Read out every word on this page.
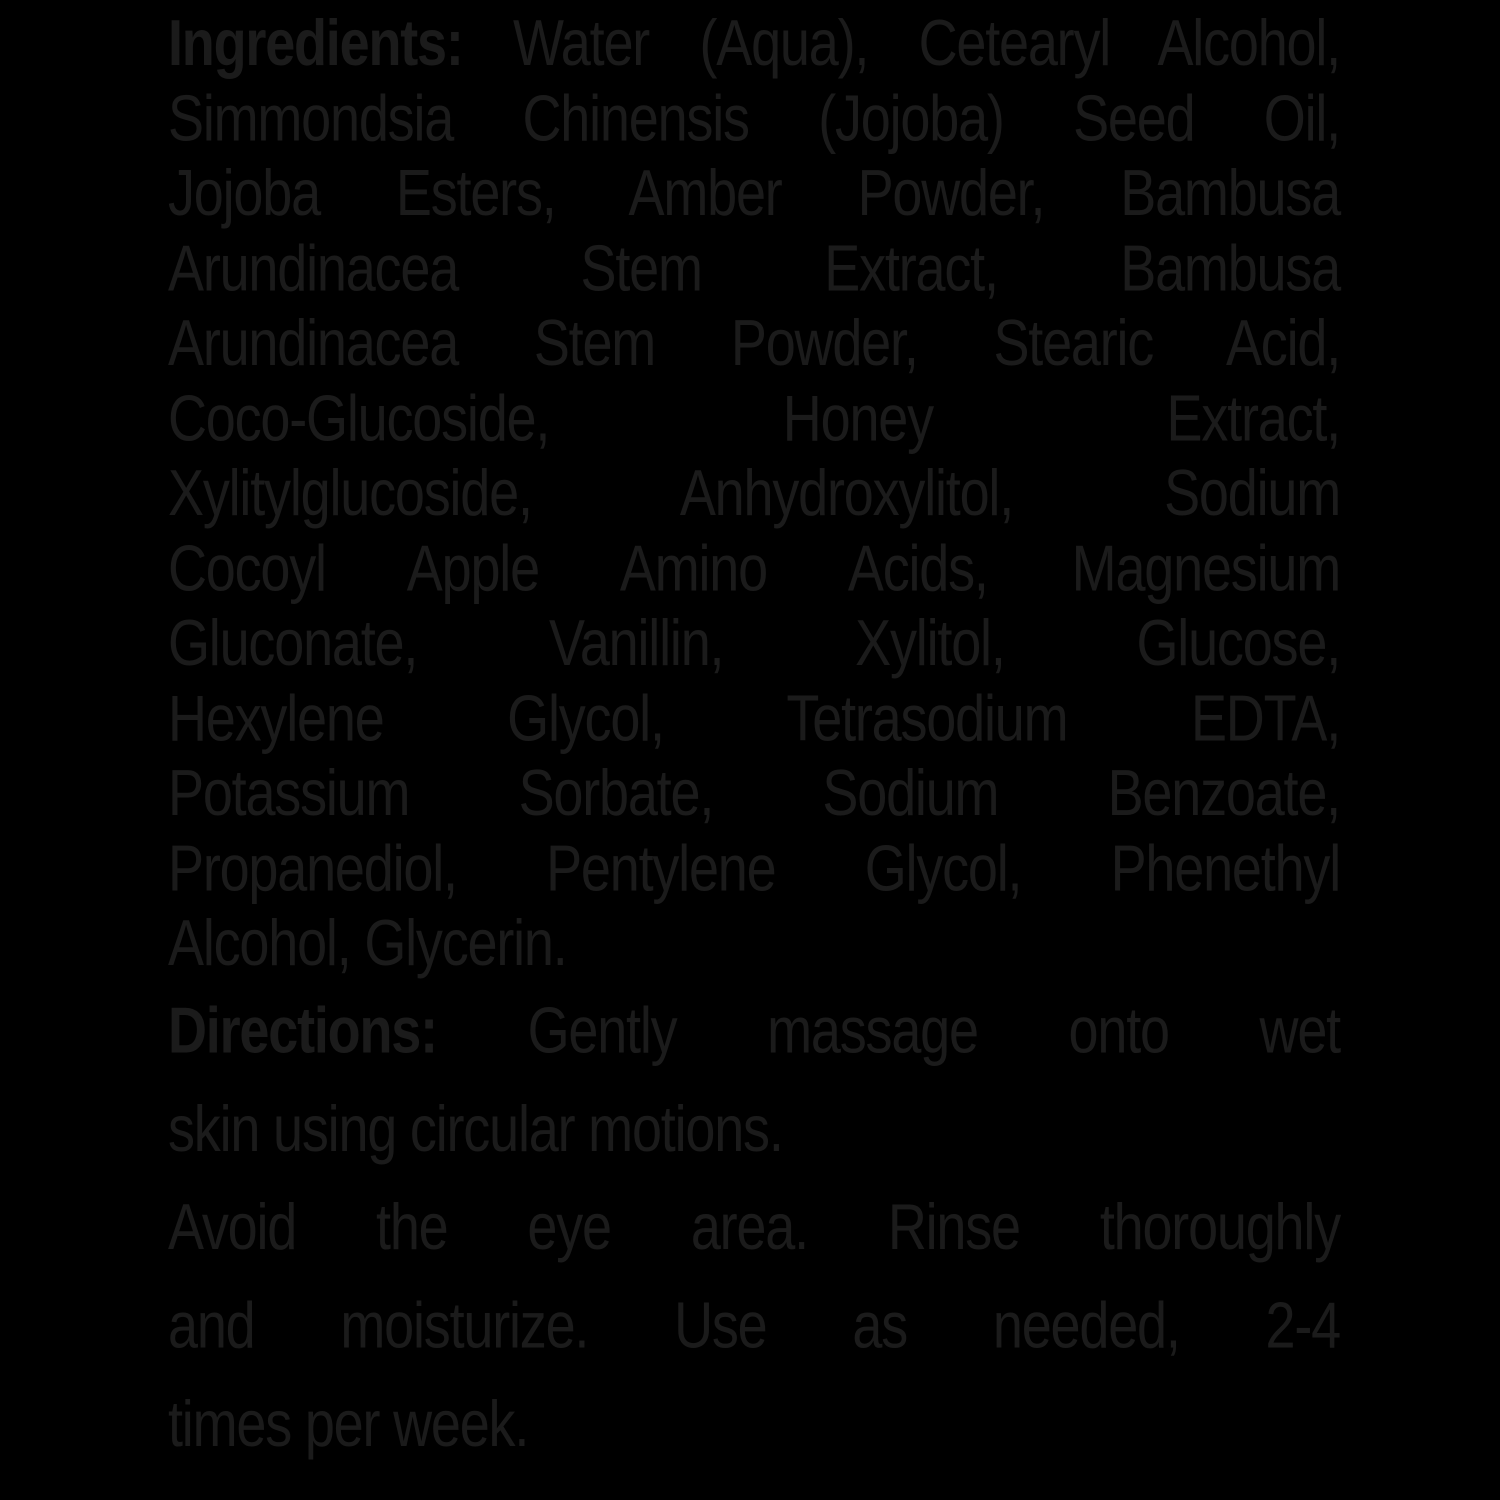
Ingredients: Water (Aqua), Cetearyl Alcohol,
Simmondsia Chinensis (Jojoba) Seed Oil,
Jojoba Esters, Amber Powder, Bambusa
Arundinacea Stem Extract, Bambusa
Arundinacea Stem Powder, Stearic Acid,
Coco-Glucoside, Honey Extract,
Xylitylglucoside, Anhydroxylitol, Sodium
Cocoyl Apple Amino Acids, Magnesium
Gluconate, Vanillin, Xylitol, Glucose,
Hexylene Glycol, Tetrasodium EDTA,
Potassium Sorbate, Sodium Benzoate,
Propanediol, Pentylene Glycol, Phenethyl
Alcohol, Glycerin.
Directions: Gently massage onto wet
skin using circular motions.
Avoid the eye area. Rinse thoroughly
and moisturize. Use as needed, 2-4
times per week.
